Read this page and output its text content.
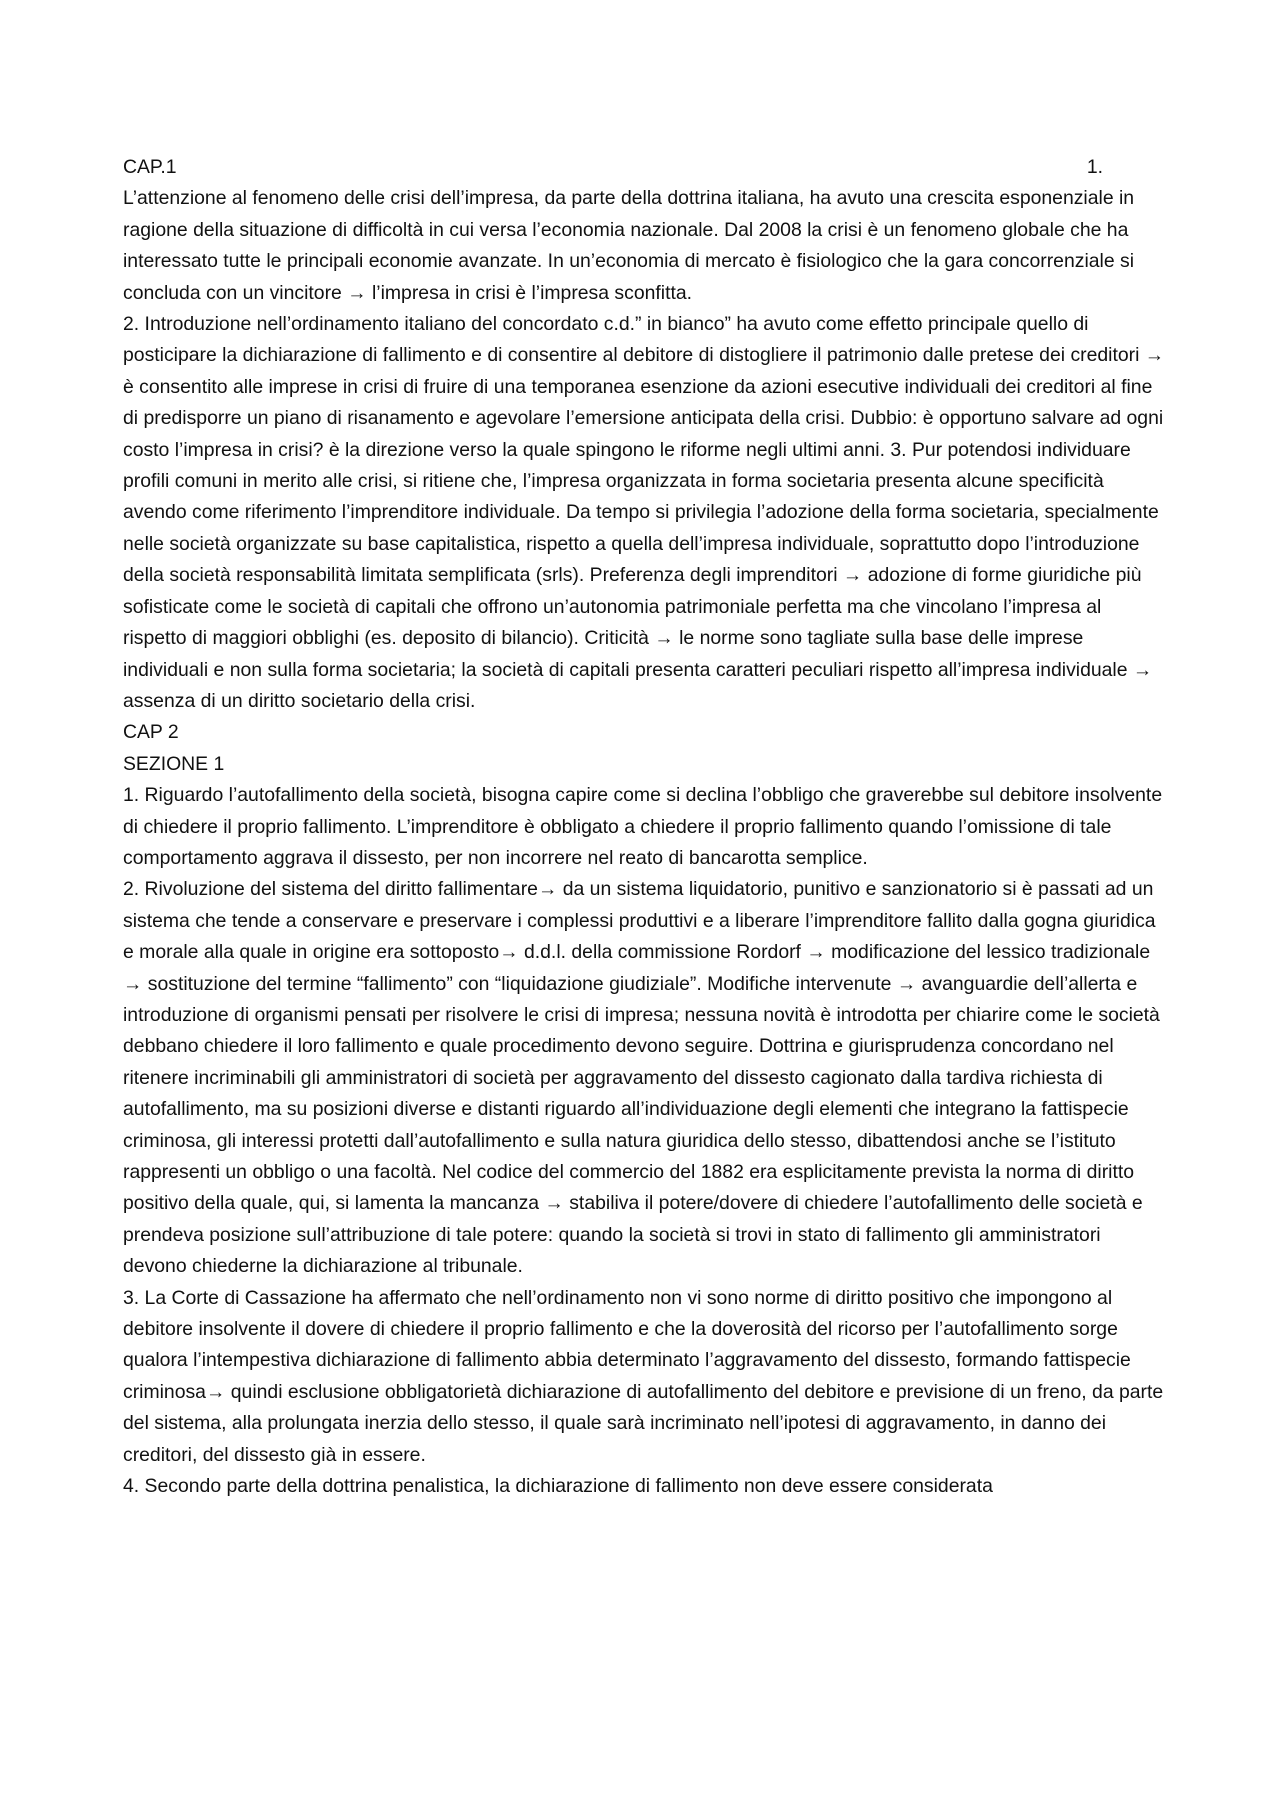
CAP.1	1.

L’attenzione al fenomeno delle crisi dell’impresa, da parte della dottrina italiana, ha avuto una crescita esponenziale in ragione della situazione di difficoltà in cui versa l’economia nazionale. Dal 2008 la crisi è un fenomeno globale che ha interessato tutte le principali economie avanzate. In un’economia di mercato è fisiologico che la gara concorrenziale si concluda con un vincitore → l’impresa in crisi è l’impresa sconfitta.

2. Introduzione nell’ordinamento italiano del concordato c.d.” in bianco” ha avuto come effetto principale quello di posticipare la dichiarazione di fallimento e di consentire al debitore di distogliere il patrimonio dalle pretese dei creditori → è consentito alle imprese in crisi di fruire di una temporanea esenzione da azioni esecutive individuali dei creditori al fine di predisporre un piano di risanamento e agevolare l’emersione anticipata della crisi. Dubbio: è opportuno salvare ad ogni costo l’impresa in crisi? è la direzione verso la quale spingono le riforme negli ultimi anni. 3. Pur potendosi individuare profili comuni in merito alle crisi, si ritiene che, l’impresa organizzata in forma societaria presenta alcune specificità avendo come riferimento l’imprenditore individuale. Da tempo si privilegia l’adozione della forma societaria, specialmente nelle società organizzate su base capitalistica, rispetto a quella dell’impresa individuale, soprattutto dopo l’introduzione della società responsabilità limitata semplificata (srls). Preferenza degli imprenditori → adozione di forme giuridiche più sofisticate come le società di capitali che offrono un’autonomia patrimoniale perfetta ma che vincolano l’impresa al rispetto di maggiori obblighi (es. deposito di bilancio). Criticità → le norme sono tagliate sulla base delle imprese individuali e non sulla forma societaria; la società di capitali presenta caratteri peculiari rispetto all’impresa individuale → assenza di un diritto societario della crisi.

CAP 2
SEZIONE 1

1. Riguardo l’autofallimento della società, bisogna capire come si declina l’obbligo che graverebbe sul debitore insolvente di chiedere il proprio fallimento. L’imprenditore è obbligato a chiedere il proprio fallimento quando l’omissione di tale comportamento aggrava il dissesto, per non incorrere nel reato di bancarotta semplice.

2. Rivoluzione del sistema del diritto fallimentare→ da un sistema liquidatorio, punitivo e sanzionatorio si è passati ad un sistema che tende a conservare e preservare i complessi produttivi e a liberare l’imprenditore fallito dalla gogna giuridica e morale alla quale in origine era sottoposto→ d.d.l. della commissione Rordorf → modificazione del lessico tradizionale → sostituzione del termine “fallimento” con “liquidazione giudiziale”. Modifiche intervenute → avanguardie dell’allerta e introduzione di organismi pensati per risolvere le crisi di impresa; nessuna novità è introdotta per chiarire come le società debbano chiedere il loro fallimento e quale procedimento devono seguire. Dottrina e giurisprudenza concordano nel ritenere incriminabili gli amministratori di società per aggravamento del dissesto cagionato dalla tardiva richiesta di autofallimento, ma su posizioni diverse e distanti riguardo all’individuazione degli elementi che integrano la fattispecie criminosa, gli interessi protetti dall’autofallimento e sulla natura giuridica dello stesso, dibattendosi anche se l’istituto rappresenti un obbligo o una facoltà. Nel codice del commercio del 1882 era esplicitamente prevista la norma di diritto positivo della quale, qui, si lamenta la mancanza → stabiliva il potere/dovere di chiedere l’autofallimento delle società e prendeva posizione sull’attribuzione di tale potere: quando la società si trovi in stato di fallimento gli amministratori devono chiederne la dichiarazione al tribunale.

3. La Corte di Cassazione ha affermato che nell’ordinamento non vi sono norme di diritto positivo che impongono al debitore insolvente il dovere di chiedere il proprio fallimento e che la doverosità del ricorso per l’autofallimento sorge qualora l’intempestiva dichiarazione di fallimento abbia determinato l’aggravamento del dissesto, formando fattispecie criminosa→ quindi esclusione obbligatorietà dichiarazione di autofallimento del debitore e previsione di un freno, da parte del sistema, alla prolungata inerzia dello stesso, il quale sarà incriminato nell’ipotesi di aggravamento, in danno dei creditori, del dissesto già in essere.

4. Secondo parte della dottrina penalistica, la dichiarazione di fallimento non deve essere considerata
